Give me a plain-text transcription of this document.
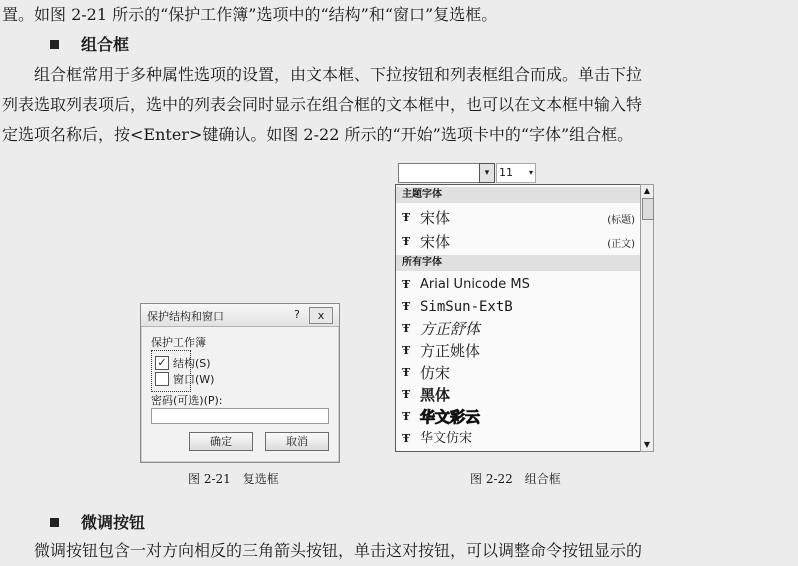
置。如图 2-21 所示的“保护工作簿”选项中的“结构”和“窗口”复选框。
组合框
组合框常用于多种属性选项的设置，由文本框、下拉按钮和列表框组合而成。单击下拉
列表选取列表项后，选中的列表会同时显示在组合框的文本框中，也可以在文本框中输入特
定选项名称后，按<Enter>键确认。如图 2-22 所示的“开始”选项卡中的“字体”组合框。
保护结构和窗口	?	x
保护工作簿
✓ 结构(S)
窗口(W)
密码(可选)(P):
确定	取消
图 2-21　复选框
▾ 11 ▾
主题字体
Ŧ 宋体	(标题)
Ŧ 宋体	(正文)
所有字体
Ŧ Arial Unicode MS
Ŧ SimSun-ExtB
Ŧ 方正舒体
Ŧ 方正姚体
Ŧ 仿宋
Ŧ 黑体
Ŧ 华文彩云
Ŧ 华文仿宋
▲
▼
图 2-22　组合框
微调按钮
微调按钮包含一对方向相反的三角箭头按钮，单击这对按钮，可以调整命令按钮显示的
